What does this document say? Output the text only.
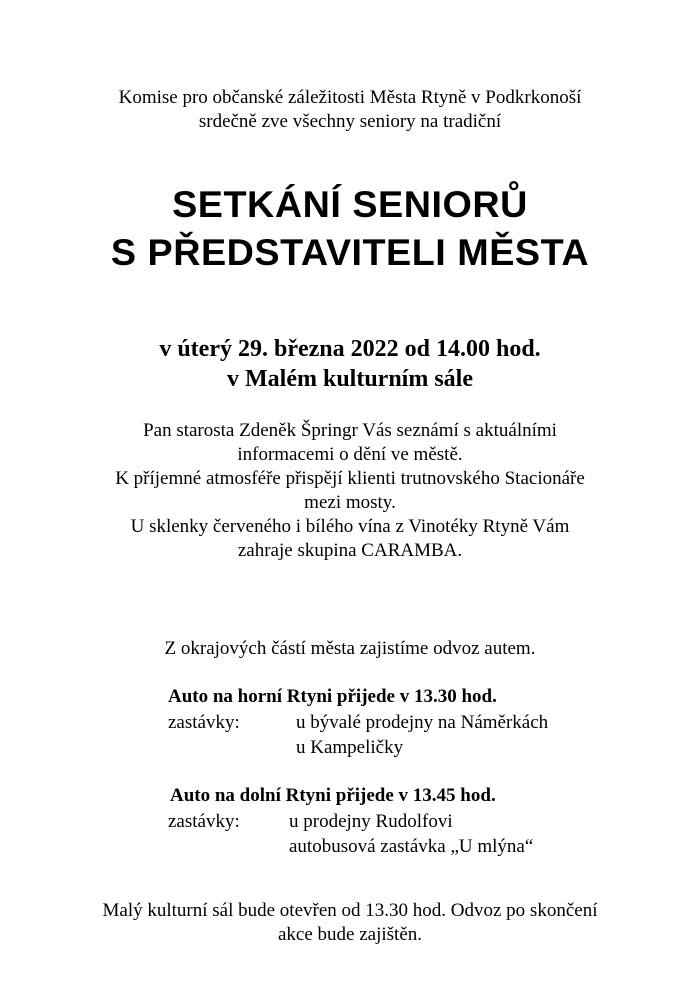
Komise pro občanské záležitosti Města Rtyně v Podkrkonoší
srdečně zve všechny seniory na tradiční
SETKÁNÍ SENIORŮ
S PŘEDSTAVITELI MĚSTA
v úterý 29. března 2022 od 14.00 hod.
v Malém kulturním sále
Pan starosta Zdeněk Špringr Vás seznámí s aktuálními
informacemi o dění ve městě.
K příjemné atmosféře přispějí klienti trutnovského Stacionáře
mezi mosty.
U sklenky červeného i bílého vína z Vinotéky Rtyně Vám
zahraje skupina CARAMBA.
Z okrajových částí města zajistíme odvoz autem.
Auto na horní Rtyni přijede v 13.30 hod.
zastávky:	u bývalé prodejny na Náměrkách
u Kampeličky
Auto na dolní Rtyni přijede v 13.45 hod.
zastávky:	u prodejny Rudolfovi
autobusová zastávka „U mlýna“
Malý kulturní sál bude otevřen od 13.30 hod. Odvoz po skončení
akce bude zajištěn.
